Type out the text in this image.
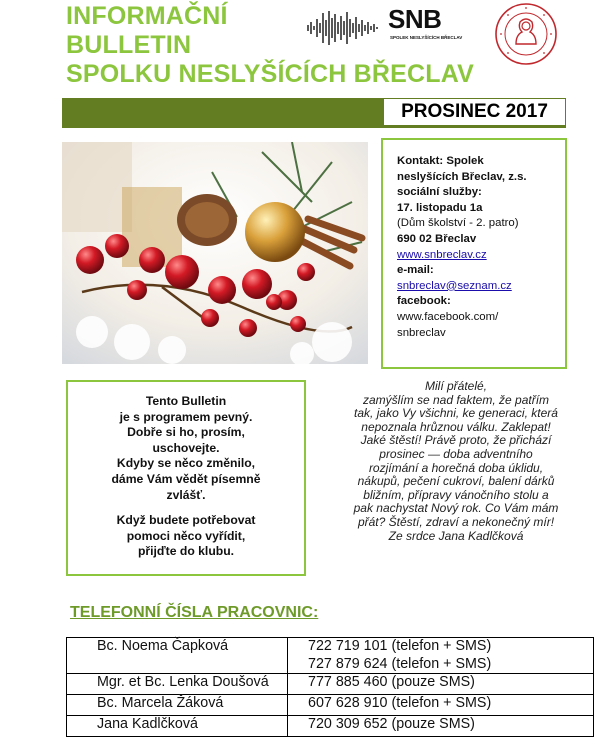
INFORMAČNÍ
BULLETIN
SPOLKU NESLYŠÍCÍCH BŘECLAV
SNB
SPOLEK NESLYŠÍCÍCH BŘECLAV
PROSINEC 2017
Kontakt: Spolek
neslyšících Břeclav, z.s.
sociální služby:
17. listopadu 1a
(Dům školství - 2. patro)
690 02 Břeclav
www.snbreclav.cz
e-mail:
snbreclav@seznam.cz
facebook:
www.facebook.com/
snbreclav

Tento Bulletin
je s programem pevný.
Dobře si ho, prosím,
uschovejte.
Kdyby se něco změnilo,
dáme Vám vědět písemně
zvlášť.

Když budete potřebovat
pomoci něco vyřídit,
přijďte do klubu.

Milí přátelé,
zamýšlím se nad faktem, že patřím
tak, jako Vy všichni, ke generaci, která
nepoznala hrůznou válku. Zaklepat!
Jaké štěstí! Právě proto, že přichází
prosinec — doba adventního
rozjímání a horečná doba úklidu,
nákupů, pečení cukroví, balení dárků
bližním, přípravy vánočního stolu a
pak nachystat Nový rok. Co Vám mám
přát? Štěstí, zdraví a nekonečný mír!
Ze srdce Jana Kadlčková
TELEFONNÍ ČÍSLA PRACOVNIC:
Bc. Noema Čapková	722 719 101 (telefon + SMS)
727 879 624 (telefon + SMS)

Mgr. et Bc. Lenka Doušová	777 885 460 (pouze SMS)

Bc. Marcela Žáková	607 628 910 (telefon + SMS)

Jana Kadlčková	720 309 652 (pouze SMS)
